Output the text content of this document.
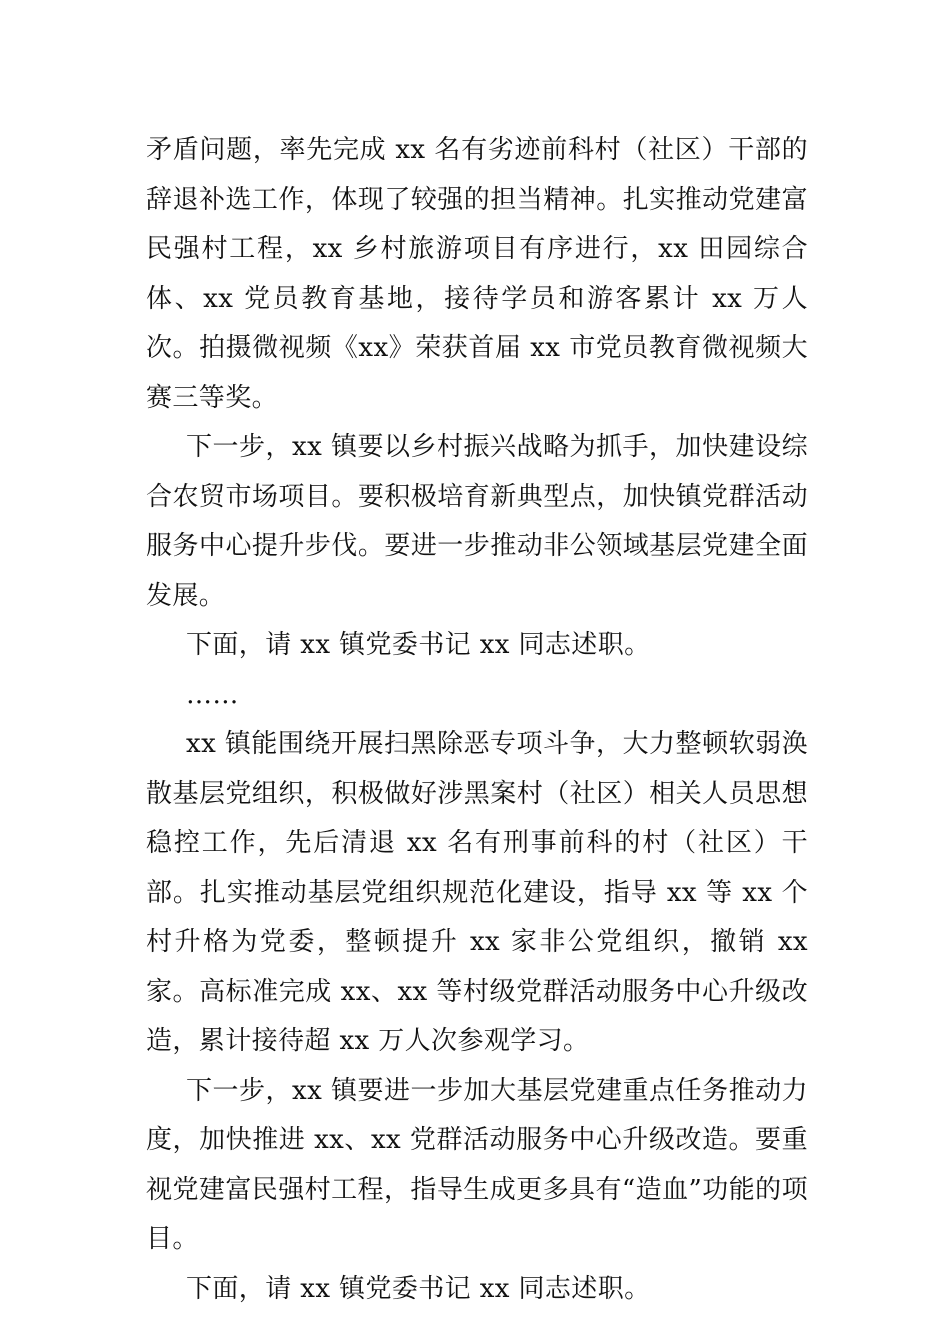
矛盾问题，率先完成 xx 名有劣迹前科村（社区）干部的辞退补选工作，体现了较强的担当精神。扎实推动党建富民强村工程，xx 乡村旅游项目有序进行，xx 田园综合体、xx 党员教育基地，接待学员和游客累计 xx 万人次。拍摄微视频《xx》荣获首届 xx 市党员教育微视频大赛三等奖。

下一步，xx 镇要以乡村振兴战略为抓手，加快建设综合农贸市场项目。要积极培育新典型点，加快镇党群活动服务中心提升步伐。要进一步推动非公领域基层党建全面发展。

下面，请 xx 镇党委书记 xx 同志述职。

……

xx 镇能围绕开展扫黑除恶专项斗争，大力整顿软弱涣散基层党组织，积极做好涉黑案村（社区）相关人员思想稳控工作，先后清退 xx 名有刑事前科的村（社区）干部。扎实推动基层党组织规范化建设，指导 xx 等 xx 个村升格为党委，整顿提升 xx 家非公党组织，撤销 xx 家。高标准完成 xx、xx 等村级党群活动服务中心升级改造，累计接待超 xx 万人次参观学习。

下一步，xx 镇要进一步加大基层党建重点任务推动力度，加快推进 xx、xx 党群活动服务中心升级改造。要重视党建富民强村工程，指导生成更多具有“造血”功能的项目。

下面，请 xx 镇党委书记 xx 同志述职。
